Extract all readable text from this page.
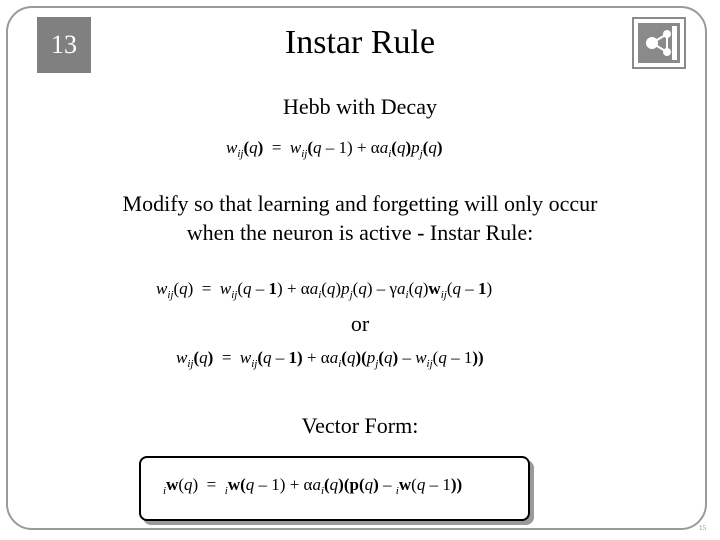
13	Instar Rule
Hebb with Decay
$w_{ij}(q) = w_{ij}(q - 1) + \alpha a_i(q)p_j(q)$
Modify so that learning and forgetting will only occur
when the neuron is active - Instar Rule:
$w_{ij}(q) = w_{ij}(q - 1) + \alpha a_i(q)p_j(q) - \gamma a_i(q)w_{ij}(q - 1)$
or
$w_{ij}(q) = w_{ij}(q - 1) + \alpha a_i(q)(p_j(q) - w_{ij}(q - 1))$
Vector Form:
$_iw(q) = _iw(q - 1) + \alpha a_i(q)(p(q) - _iw(q - 1))$
15
